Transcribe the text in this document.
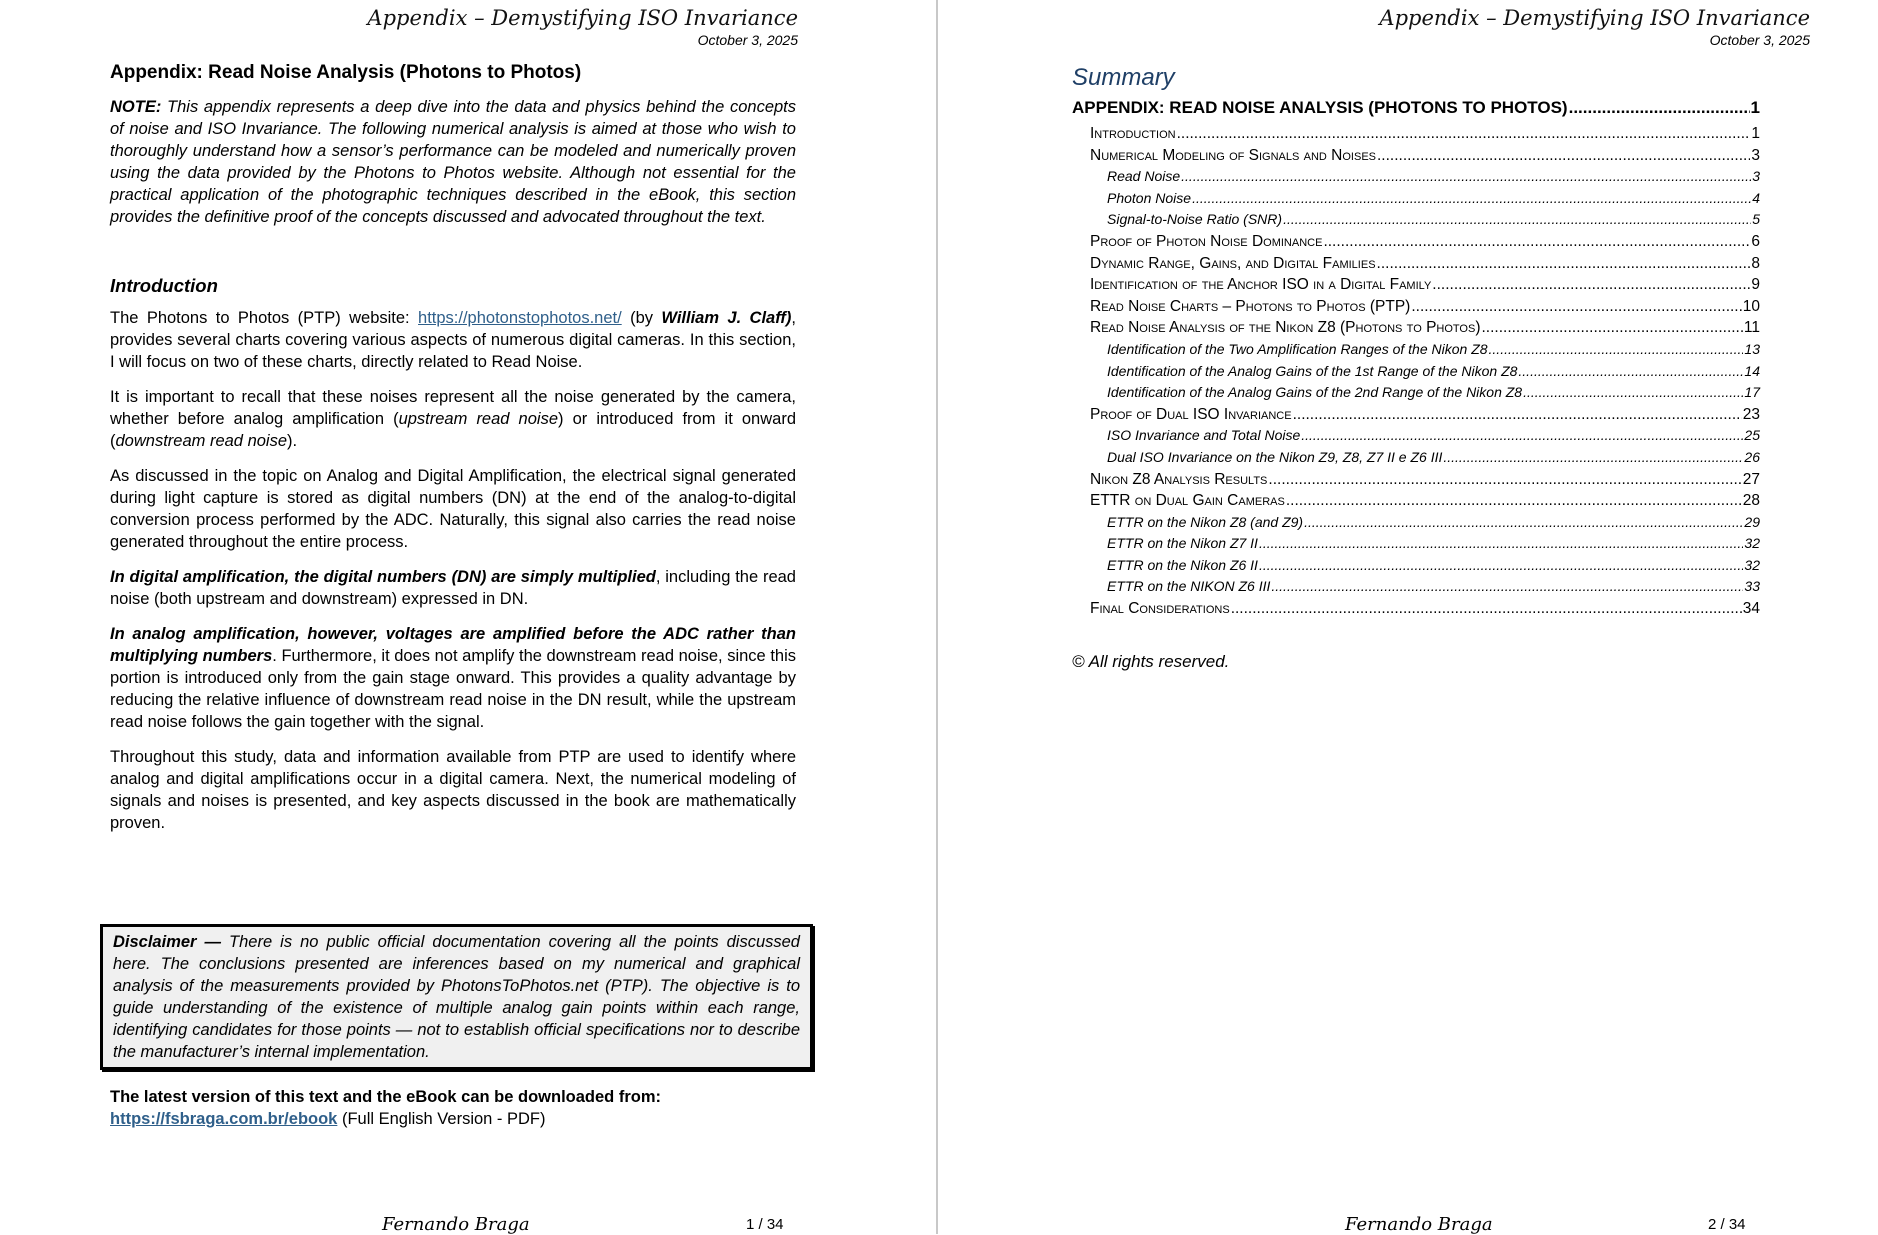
Appendix – Demystifying ISO Invariance
October 3, 2025
Appendix: Read Noise Analysis (Photons to Photos)

NOTE: This appendix represents a deep dive into the data and physics behind the concepts of noise and ISO Invariance. The following numerical analysis is aimed at those who wish to thoroughly understand how a sensor’s performance can be modeled and numerically proven using the data provided by the Photons to Photos website. Although not essential for the practical application of the photographic techniques described in the eBook, this section provides the definitive proof of the concepts discussed and advocated throughout the text.

Introduction

The Photons to Photos (PTP) website: https://photonstophotos.net/ (by William J. Claff), provides several charts covering various aspects of numerous digital cameras. In this section, I will focus on two of these charts, directly related to Read Noise.

It is important to recall that these noises represent all the noise generated by the camera, whether before analog amplification (upstream read noise) or introduced from it onward (downstream read noise).

As discussed in the topic on Analog and Digital Amplification, the electrical signal generated during light capture is stored as digital numbers (DN) at the end of the analog-to-digital conversion process performed by the ADC. Naturally, this signal also carries the read noise generated throughout the entire process.

In digital amplification, the digital numbers (DN) are simply multiplied, including the read noise (both upstream and downstream) expressed in DN.

In analog amplification, however, voltages are amplified before the ADC rather than multiplying numbers. Furthermore, it does not amplify the downstream read noise, since this portion is introduced only from the gain stage onward. This provides a quality advantage by reducing the relative influence of downstream read noise in the DN result, while the upstream read noise follows the gain together with the signal.

Throughout this study, data and information available from PTP are used to identify where analog and digital amplifications occur in a digital camera. Next, the numerical modeling of signals and noises is presented, and key aspects discussed in the book are mathematically proven.

Disclaimer — There is no public official documentation covering all the points discussed here. The conclusions presented are inferences based on my numerical and graphical analysis of the measurements provided by PhotonsToPhotos.net (PTP). The objective is to guide understanding of the existence of multiple analog gain points within each range, identifying candidates for those points — not to establish official specifications nor to describe the manufacturer’s internal implementation.
The latest version of this text and the eBook can be downloaded from:
https://fsbraga.com.br/ebook (Full English Version - PDF)
Fernando Braga	1 / 34
Appendix – Demystifying ISO Invariance
October 3, 2025
Fernando Braga	2 / 34
Summary
APPENDIX: READ NOISE ANALYSIS (PHOTONS TO PHOTOS) .....	1
Introduction .....	1
Numerical Modeling of Signals and Noises .....	3
Read Noise .....	3
Photon Noise .....	4
Signal-to-Noise Ratio (SNR) .....	5
Proof of Photon Noise Dominance .....	6
Dynamic Range, Gains, and Digital Families .....	8
Identification of the Anchor ISO in a Digital Family .....	9
Read Noise Charts – Photons to Photos (PTP) .....	10
Read Noise Analysis of the Nikon Z8 (Photons to Photos) .....	11
Identification of the Two Amplification Ranges of the Nikon Z8 .....	13
Identification of the Analog Gains of the 1st Range of the Nikon Z8 .....	14
Identification of the Analog Gains of the 2nd Range of the Nikon Z8 .....	17
Proof of Dual ISO Invariance .....	23
ISO Invariance and Total Noise .....	25
Dual ISO Invariance on the Nikon Z9, Z8, Z7 II e Z6 III .....	26
Nikon Z8 Analysis Results .....	27
ETTR on Dual Gain Cameras .....	28
ETTR on the Nikon Z8 (and Z9) .....	29
ETTR on the Nikon Z7 II .....	32
ETTR on the Nikon Z6 II .....	32
ETTR on the NIKON Z6 III .....	33
Final Considerations .....	34
© All rights reserved.
